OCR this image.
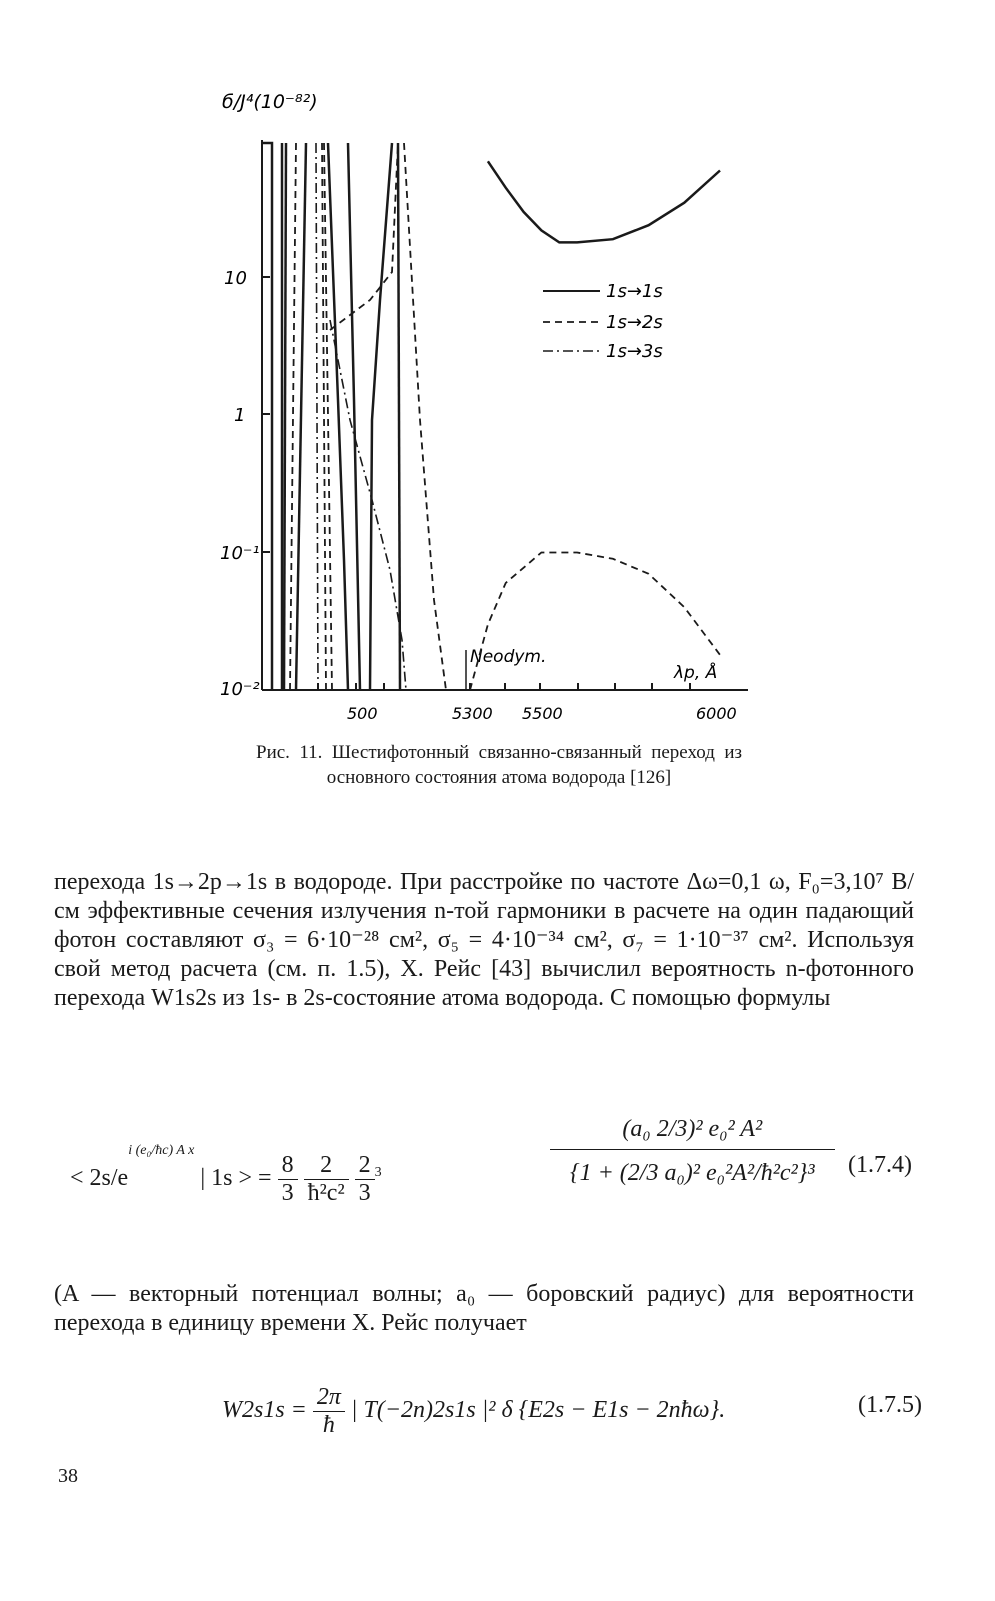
б/J⁴(10⁻⁸²)
10
1
10⁻¹
10⁻²
500	5300 5500	6000
λp, Å
Neodym.
1s→1s
1s→2s
1s→3s
Рис. 11. Шестифотонный связанно-связанный переход из основного состояния атома водорода [126]
перехода 1s→2p→1s в водороде. При расстройке по частоте Δω=0,1 ω, F₀=3,10⁷ В/см эффективные сечения излучения n-той гармоники в расчете на один падающий фотон составляют σ₃ = 6·10⁻²⁸ см², σ₅ = 4·10⁻³⁴ см², σ₇ = 1·10⁻³⁷ см². Используя свой метод расчета (см. п. 1.5), Х. Рейс [43] вычислил вероятность n-фотонного перехода W1s2s из 1s- в 2s-состояние атома водорода. С помощью формулы
< $2s/e^{i (e_0/ħc) A x}$ | 1s > = $\frac{8}{3}$
$\frac{2}{\text{ħ²c²}}$
$\frac{2}{3} ^3$	$\frac{\text{(a₀ 2/3)² e₀² A²}}{\text{\{1 + (2/3 a₀)² e₀²A²/ħ²c²\}³}} (1.7.4)$
(A — векторный потенциал волны; a₀ — боровский радиус) для вероятности перехода в единицу времени Х. Рейс получает
$W2s1s = \frac{2\pi}{ħ}$ | T(−2n)2s1s |² δ {E2s − E1s − 2nħω}.	(1.7.5)
38
